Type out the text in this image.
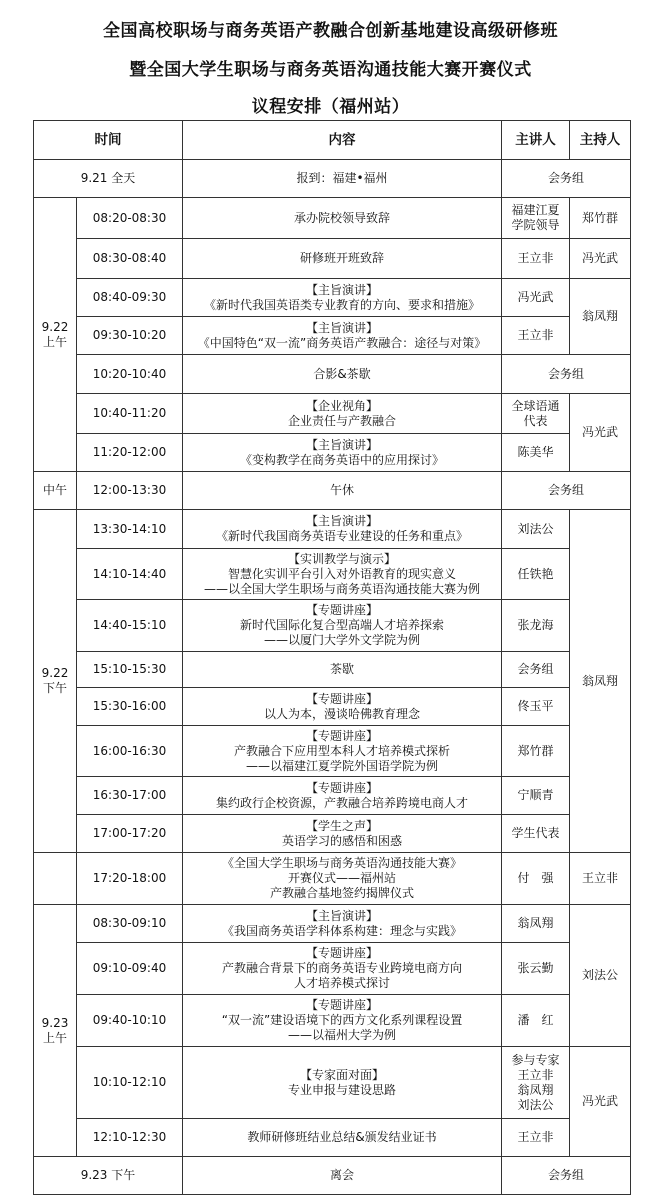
全国高校职场与商务英语产教融合创新基地建设高级研修班
暨全国大学生职场与商务英语沟通技能大赛开赛仪式
议程安排（福州站）
时间		内容	主讲人	主持人
9.21 全天		报到：福建•福州	会务组	
9.22
上午	08:20-08:30	承办院校领导致辞	福建江夏
学院领导	郑竹群
	08:30-08:40	研修班开班致辞	王立非	冯光武
	08:40-09:30	【主旨演讲】
《新时代我国英语类专业教育的方向、要求和措施》	冯光武	翁凤翔
	09:30-10:20	【主旨演讲】
《中国特色“双一流”商务英语产教融合：途径与对策》	王立非	
	10:20-10:40	合影&茶歇	会务组	
	10:40-11:20	【企业视角】
企业责任与产教融合	全球语通
代表	冯光武
	11:20-12:00	【主旨演讲】
《变构教学在商务英语中的应用探讨》	陈美华	
中午	12:00-13:30	午休	会务组	
9.22
下午	13:30-14:10	【主旨演讲】
《新时代我国商务英语专业建设的任务和重点》	刘法公	翁凤翔
	14:10-14:40	【实训教学与演示】
智慧化实训平台引入对外语教育的现实意义
——以全国大学生职场与商务英语沟通技能大赛为例	任铁艳	
	14:40-15:10	【专题讲座】
新时代国际化复合型高端人才培养探索
——以厦门大学外文学院为例	张龙海	
	15:10-15:30	茶歇	会务组	
	15:30-16:00	【专题讲座】
以人为本，漫谈哈佛教育理念	佟玉平	
	16:00-16:30	【专题讲座】
产教融合下应用型本科人才培养模式探析
——以福建江夏学院外国语学院为例	郑竹群	
	16:30-17:00	【专题讲座】
集约政行企校资源，产教融合培养跨境电商人才	宁顺青	
	17:00-17:20	【学生之声】
英语学习的感悟和困惑	学生代表	
	17:20-18:00	《全国大学生职场与商务英语沟通技能大赛》
开赛仪式——福州站
产教融合基地签约揭牌仪式	付　强	王立非
9.23
上午	08:30-09:10	【主旨演讲】
《我国商务英语学科体系构建：理念与实践》	翁凤翔	刘法公
	09:10-09:40	【专题讲座】
产教融合背景下的商务英语专业跨境电商方向
人才培养模式探讨	张云勤	
	09:40-10:10	【专题讲座】
“双一流”建设语境下的西方文化系列课程设置
——以福州大学为例	潘　红	
	10:10-12:10	【专家面对面】
专业申报与建设思路	参与专家
王立非
翁凤翔
刘法公	冯光武
	12:10-12:30	教师研修班结业总结&颁发结业证书	王立非	
9.23 下午		离会	会务组	
